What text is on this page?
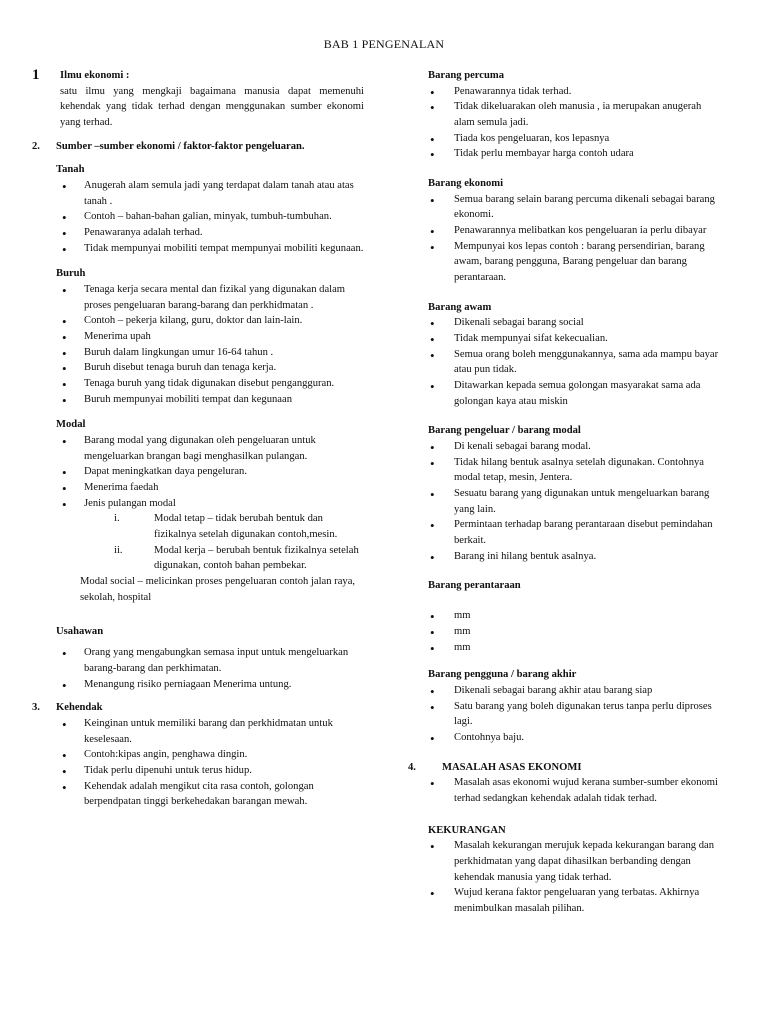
BAB 1 PENGENALAN
1	Ilmu ekonomi :
satu ilmu yang mengkaji bagaimana manusia dapat memenuhi kehendak yang tidak terhad dengan menggunakan sumber ekonomi yang terhad.
2.	Sumber –sumber ekonomi / faktor-faktor pengeluaran.
Tanah
• Anugerah alam semula jadi yang terdapat dalam tanah atau atas tanah .
• Contoh – bahan-bahan galian, minyak, tumbuh-tumbuhan.
• Penawaranya adalah terhad.
• Tidak mempunyai mobiliti tempat mempunyai mobiliti kegunaan.
Buruh
• Tenaga kerja secara mental dan fizikal yang digunakan dalam proses pengeluaran barang-barang dan perkhidmatan .
• Contoh – pekerja kilang, guru, doktor dan lain-lain.
• Menerima upah
• Buruh dalam lingkungan umur 16-64 tahun .
• Buruh disebut tenaga buruh dan tenaga kerja.
• Tenaga buruh yang tidak digunakan disebut pengangguran.
• Buruh mempunyai mobiliti tempat dan kegunaan
Modal
• Barang modal yang digunakan oleh pengeluaran untuk mengeluarkan brangan bagi menghasilkan pulangan.
• Dapat meningkatkan daya pengeluran.
• Menerima faedah
• Jenis pulangan modal
i.	Modal tetap – tidak berubah bentuk dan fizikalnya setelah digunakan contoh,mesin.
ii.	Modal kerja – berubah bentuk fizikalnya setelah digunakan, contoh bahan pembekar.
Modal social – melicinkan proses pengeluaran contoh jalan raya, sekolah, hospital
Usahawan
• Orang yang mengabungkan semasa input untuk mengeluarkan barang-barang dan perkhimatan.
• Menangung risiko perniagaan Menerima untung.
3.	Kehendak
• Keinginan untuk memiliki barang dan perkhidmatan untuk keselesaan.
• Contoh:kipas angin, penghawa dingin.
• Tidak perlu dipenuhi untuk terus hidup.
• Kehendak adalah mengikut cita rasa contoh, golongan berpendpatan tinggi berkehedakan barangan mewah.
Barang percuma
• Penawarannya tidak terhad.
• Tidak dikeluarakan oleh manusia , ia merupakan anugerah alam semula jadi.
• Tiada kos pengeluaran, kos lepasnya
• Tidak perlu membayar harga contoh udara
Barang ekonomi
• Semua barang selain barang percuma dikenali sebagai barang ekonomi.
• Penawarannya melibatkan kos pengeluaran ia perlu dibayar
• Mempunyai kos lepas contoh : barang persendirian, barang awam, barang pengguna, Barang pengeluar dan barang perantaraan.
Barang awam
• Dikenali sebagai barang social
• Tidak mempunyai sifat kekecualian.
• Semua orang boleh menggunakannya, sama ada mampu bayar atau pun tidak.
• Ditawarkan kepada semua golongan masyarakat sama ada golongan kaya atau miskin
Barang pengeluar / barang modal
• Di kenali sebagai barang modal.
• Tidak hilang bentuk asalnya setelah digunakan. Contohnya modal tetap, mesin, Jentera.
• Sesuatu barang yang digunakan untuk mengeluarkan barang yang lain.
• Permintaan terhadap barang perantaraan disebut pemindahan berkait.
• Barang ini hilang bentuk asalnya.
Barang perantaraan
• mm
• mm
• mm
Barang pengguna / barang akhir
• Dikenali sebagai barang akhir atau barang siap
• Satu barang yang boleh digunakan terus tanpa perlu diproses lagi.
• Contohnya baju.
4.	MASALAH ASAS EKONOMI
• Masalah asas ekonomi wujud kerana sumber-sumber ekonomi terhad sedangkan kehendak adalah tidak terhad.
KEKURANGAN
• Masalah kekurangan merujuk kepada kekurangan barang dan perkhidmatan yang dapat dihasilkan berbanding dengan kehendak manusia yang tidak terhad.
• Wujud kerana faktor pengeluaran yang terbatas. Akhirnya menimbulkan masalah pilihan.
